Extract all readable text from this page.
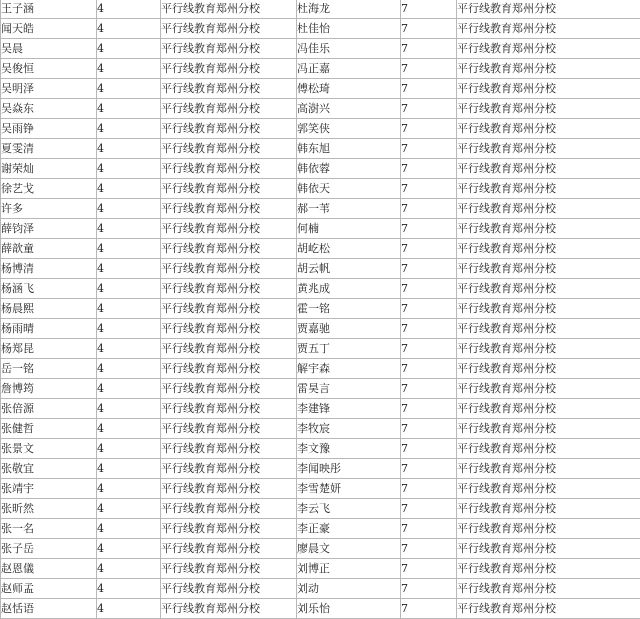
王子涵	4	平行线教育郑州分校	杜海龙	7	平行线教育郑州分校
闻天皓	4	平行线教育郑州分校	杜佳怡	7	平行线教育郑州分校
吴晨	4	平行线教育郑州分校	冯佳乐	7	平行线教育郑州分校
吴俊恒	4	平行线教育郑州分校	冯正嘉	7	平行线教育郑州分校
吴明泽	4	平行线教育郑州分校	傅松琦	7	平行线教育郑州分校
吴焱东	4	平行线教育郑州分校	高澍兴	7	平行线教育郑州分校
吴雨铮	4	平行线教育郑州分校	郭笑侠	7	平行线教育郑州分校
夏雯清	4	平行线教育郑州分校	韩东旭	7	平行线教育郑州分校
谢荣灿	4	平行线教育郑州分校	韩依蓉	7	平行线教育郑州分校
徐艺戈	4	平行线教育郑州分校	韩依天	7	平行线教育郑州分校
许多	4	平行线教育郑州分校	郝一苇	7	平行线教育郑州分校
薛钧泽	4	平行线教育郑州分校	何楠	7	平行线教育郑州分校
薛歆童	4	平行线教育郑州分校	胡屹松	7	平行线教育郑州分校
杨博清	4	平行线教育郑州分校	胡云帆	7	平行线教育郑州分校
杨涵飞	4	平行线教育郑州分校	黄兆成	7	平行线教育郑州分校
杨晨熙	4	平行线教育郑州分校	霍一铭	7	平行线教育郑州分校
杨雨晴	4	平行线教育郑州分校	贾嘉驰	7	平行线教育郑州分校
杨郑昆	4	平行线教育郑州分校	贾五丁	7	平行线教育郑州分校
岳一铭	4	平行线教育郑州分校	解宇森	7	平行线教育郑州分校
詹博筠	4	平行线教育郑州分校	雷昊言	7	平行线教育郑州分校
张倍源	4	平行线教育郑州分校	李建锋	7	平行线教育郑州分校
张健哲	4	平行线教育郑州分校	李牧宸	7	平行线教育郑州分校
张景文	4	平行线教育郑州分校	李文豫	7	平行线教育郑州分校
张敬宜	4	平行线教育郑州分校	李闻映彤	7	平行线教育郑州分校
张靖宇	4	平行线教育郑州分校	李雪楚妍	7	平行线教育郑州分校
张昕然	4	平行线教育郑州分校	李云飞	7	平行线教育郑州分校
张一名	4	平行线教育郑州分校	李正豪	7	平行线教育郑州分校
张子岳	4	平行线教育郑州分校	廖晨文	7	平行线教育郑州分校
赵恩儀	4	平行线教育郑州分校	刘博正	7	平行线教育郑州分校
赵师孟	4	平行线教育郑州分校	刘动	7	平行线教育郑州分校
赵恬语	4	平行线教育郑州分校	刘乐怡	7	平行线教育郑州分校
